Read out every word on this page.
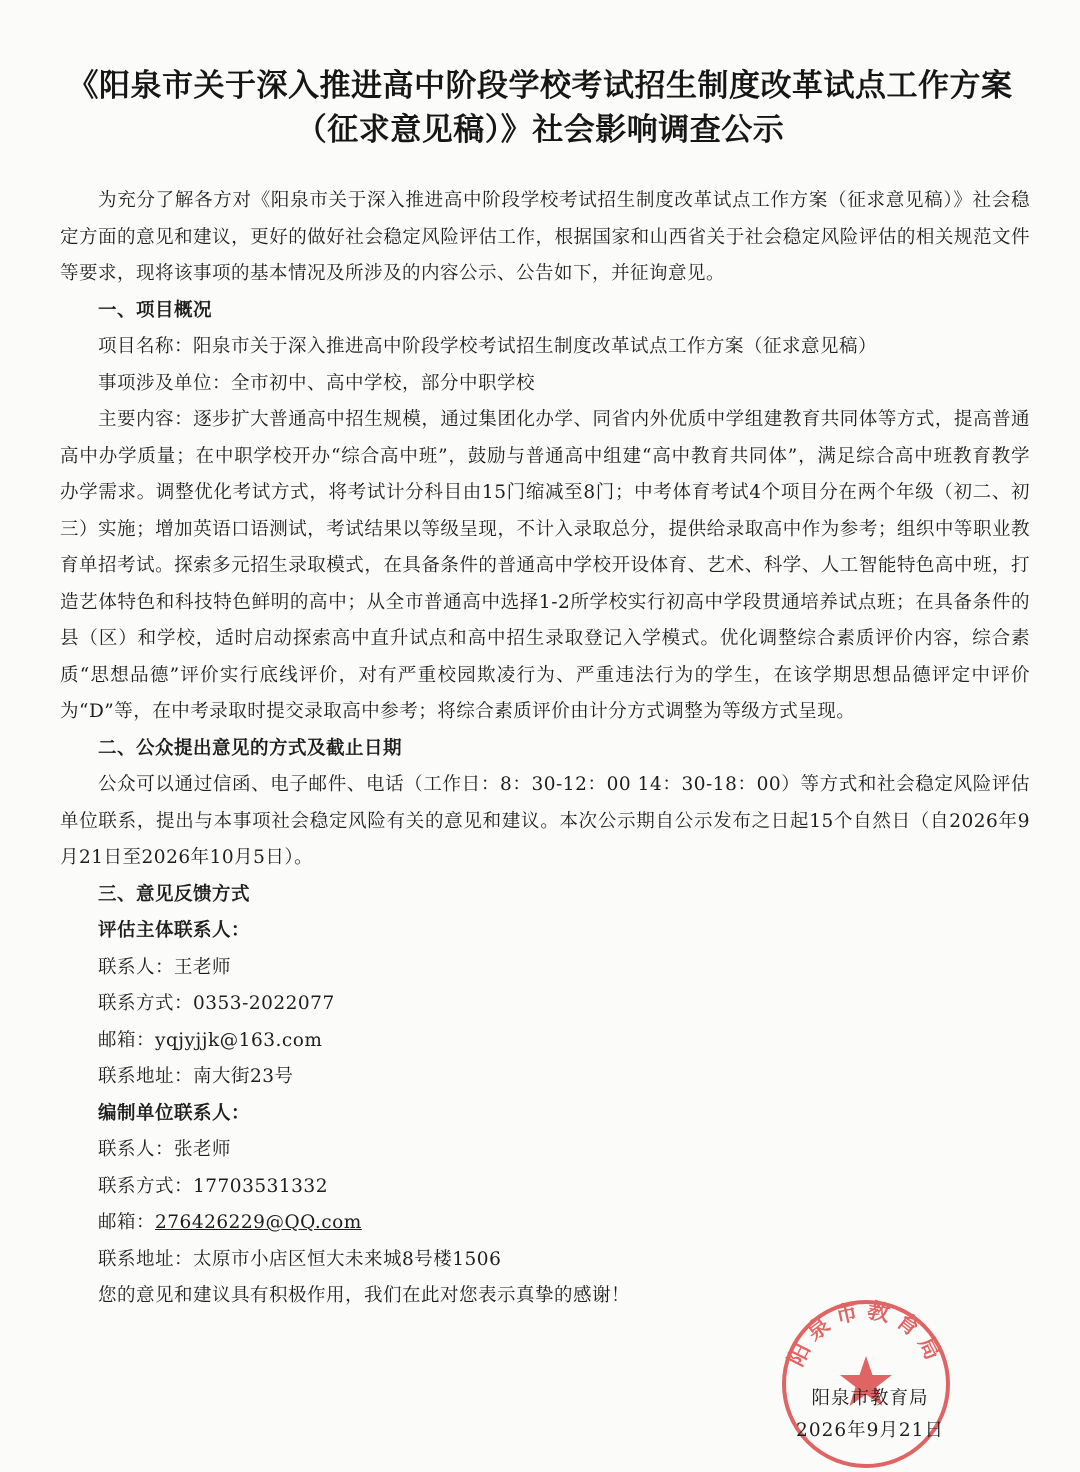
《阳泉市关于深入推进高中阶段学校考试招生制度改革试点工作方案
（征求意见稿）》社会影响调查公示

为充分了解各方对《阳泉市关于深入推进高中阶段学校考试招生制度改革试点工作方案（征求意见稿）》社会稳定方面的意见和建议，更好的做好社会稳定风险评估工作，根据国家和山西省关于社会稳定风险评估的相关规范文件等要求，现将该事项的基本情况及所涉及的内容公示、公告如下，并征询意见。

一、项目概况

项目名称：阳泉市关于深入推进高中阶段学校考试招生制度改革试点工作方案（征求意见稿）

事项涉及单位：全市初中、高中学校，部分中职学校

主要内容：逐步扩大普通高中招生规模，通过集团化办学、同省内外优质中学组建教育共同体等方式，提高普通高中办学质量；在中职学校开办“综合高中班”，鼓励与普通高中组建“高中教育共同体”，满足综合高中班教育教学办学需求。调整优化考试方式，将考试计分科目由15门缩减至8门；中考体育考试4个项目分在两个年级（初二、初三）实施；增加英语口语测试，考试结果以等级呈现，不计入录取总分，提供给录取高中作为参考；组织中等职业教育单招考试。探索多元招生录取模式，在具备条件的普通高中学校开设体育、艺术、科学、人工智能特色高中班，打造艺体特色和科技特色鲜明的高中；从全市普通高中选择1-2所学校实行初高中学段贯通培养试点班；在具备条件的县（区）和学校，适时启动探索高中直升试点和高中招生录取登记入学模式。优化调整综合素质评价内容，综合素质“思想品德”评价实行底线评价，对有严重校园欺凌行为、严重违法行为的学生，在该学期思想品德评定中评价为“D”等，在中考录取时提交录取高中参考；将综合素质评价由计分方式调整为等级方式呈现。

二、公众提出意见的方式及截止日期

公众可以通过信函、电子邮件、电话（工作日：8：30-12：00 14：30-18：00）等方式和社会稳定风险评估单位联系，提出与本事项社会稳定风险有关的意见和建议。本次公示期自公示发布之日起15个自然日（自2026年9月21日至2026年10月5日）。

三、意见反馈方式

评估主体联系人：

联系人：王老师

联系方式：0353-2022077

邮箱：yqjyjjk@163.com

联系地址：南大街23号

编制单位联系人：

联系人：张老师

联系方式：17703531332

邮箱：276426229@QQ.com

联系地址：太原市小店区恒大未来城8号楼1506

您的意见和建议具有积极作用，我们在此对您表示真挚的感谢！

阳泉市教育局
阳泉市教育局
2026年9月21日
